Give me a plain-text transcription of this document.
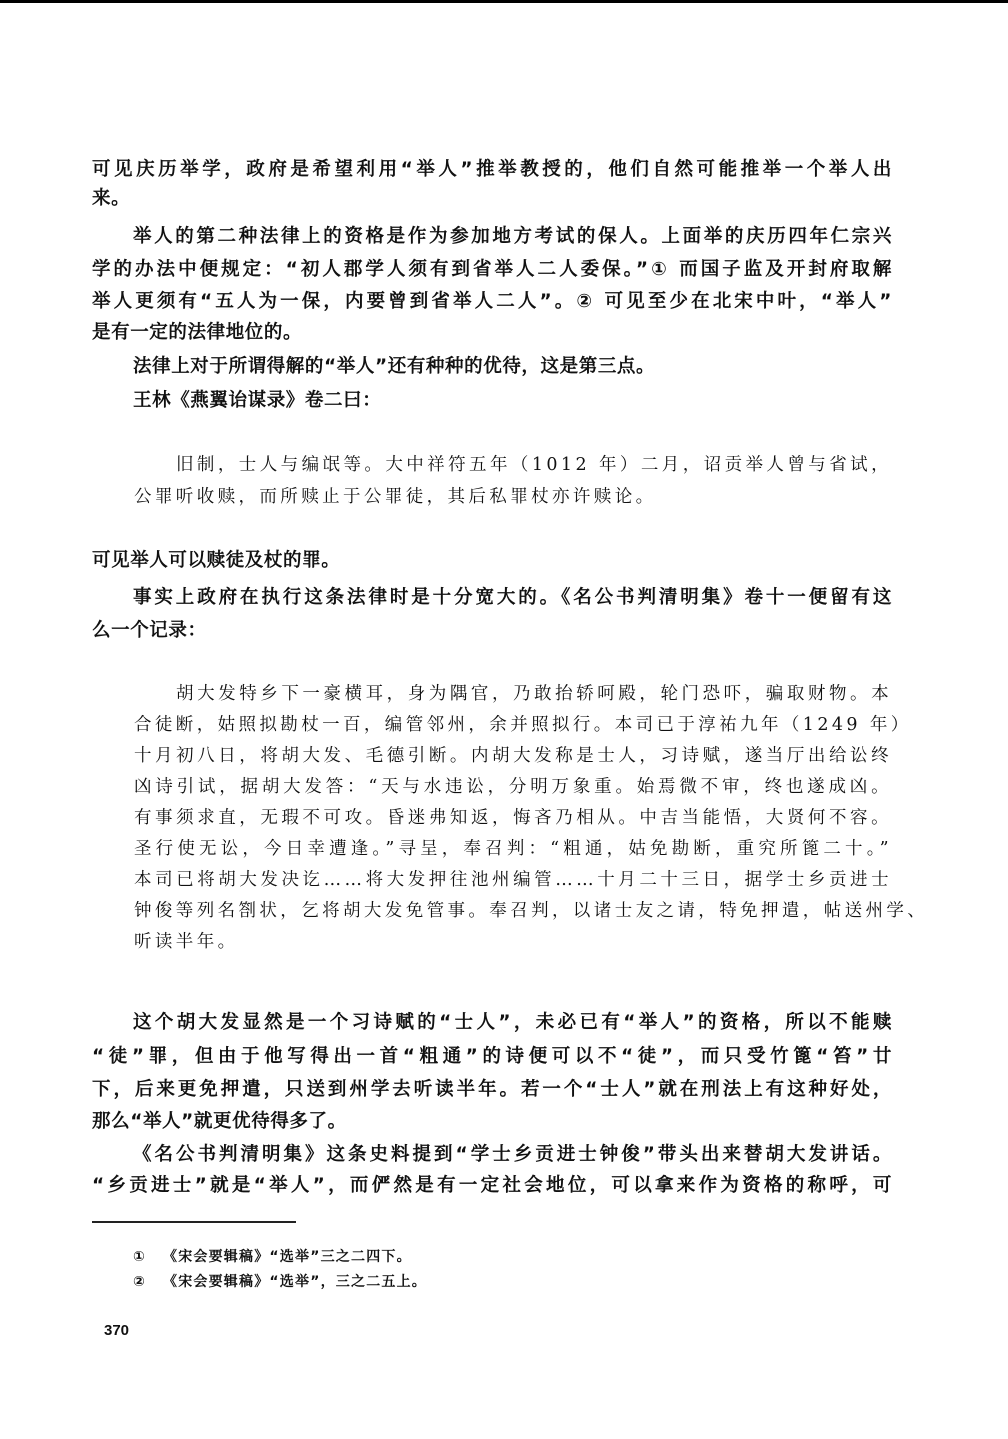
可见庆历举学，政府是希望利用“举人”推举教授的，他们自然可能推举一个举人出
来。
举人的第二种法律上的资格是作为参加地方考试的保人。上面举的庆历四年仁宗兴
学的办法中便规定：“初人郡学人须有到省举人二人委保。”① 而国子监及开封府取解
举人更须有“五人为一保，内要曾到省举人二人”。② 可见至少在北宋中叶，“举人”
是有一定的法律地位的。
法律上对于所谓得解的“举人”还有种种的优待，这是第三点。
王林《燕翼诒谋录》卷二曰：
旧制，士人与编氓等。大中祥符五年（1012 年）二月，诏贡举人曾与省试，
公罪听收赎，而所赎止于公罪徒，其后私罪杖亦许赎论。
可见举人可以赎徒及杖的罪。
事实上政府在执行这条法律时是十分宽大的。《名公书判清明集》卷十一便留有这
么一个记录：
胡大发特乡下一豪横耳，身为隅官，乃敢抬轿呵殿，轮门恐吓，骗取财物。本
合徒断，姑照拟勘杖一百，编管邻州，余并照拟行。本司已于淳祐九年（1249 年）
十月初八日，将胡大发、毛德引断。内胡大发称是士人，习诗赋，遂当厅出给讼终
凶诗引试，据胡大发答：“天与水违讼，分明万象重。始焉微不审，终也遂成凶。
有事须求直，无瑕不可攻。昏迷弗知返，悔吝乃相从。中吉当能悟，大贤何不容。
圣行使无讼，今日幸遭逢。”寻呈，奉召判：“粗通，姑免勘断，重究所篦二十。”
本司已将胡大发决讫……将大发押往池州编管……十月二十三日，据学士乡贡进士
钟俊等列名劄状，乞将胡大发免管事。奉召判，以诸士友之请，特免押遣，帖送州学、
听读半年。
这个胡大发显然是一个习诗赋的“士人”，未必已有“举人”的资格，所以不能赎
“徒”罪，但由于他写得出一首“粗通”的诗便可以不“徒”，而只受竹篦“笞”廿
下，后来更免押遣，只送到州学去听读半年。若一个“士人”就在刑法上有这种好处，
那么“举人”就更优待得多了。
《名公书判清明集》这条史料提到“学士乡贡进士钟俊”带头出来替胡大发讲话。
“乡贡进士”就是“举人”，而俨然是有一定社会地位，可以拿来作为资格的称呼，可
① 《宋会要辑稿》“选举”三之二四下。
② 《宋会要辑稿》“选举”，三之二五上。
370
